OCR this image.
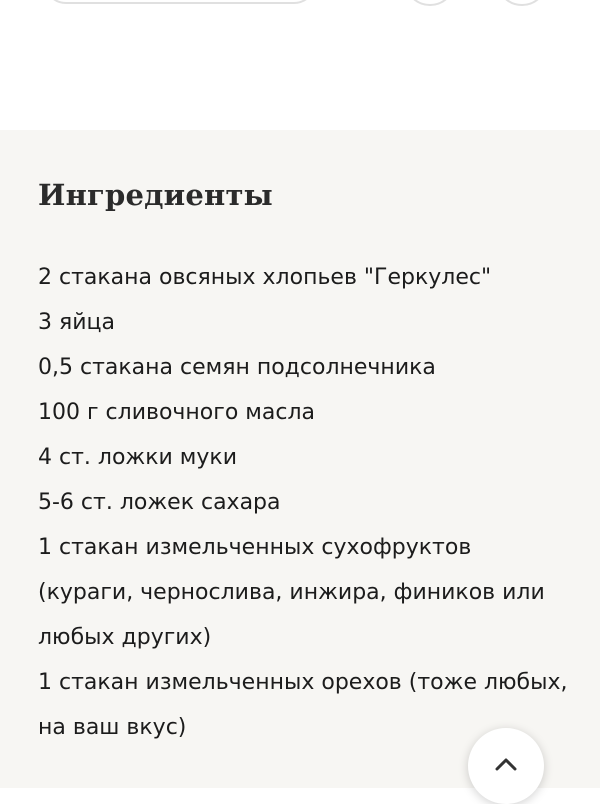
Ингредиенты
2 стакана овсяных хлопьев "Геркулес"
3 яйца
0,5 стакана семян подсолнечника
100 г сливочного масла
4 ст. ложки муки
5-6 ст. ложек сахара
1 стакан измельченных сухофруктов (кураги, чернослива, инжира, фиников или любых других)
1 стакан измельченных орехов (тоже любых, на ваш вкус)
